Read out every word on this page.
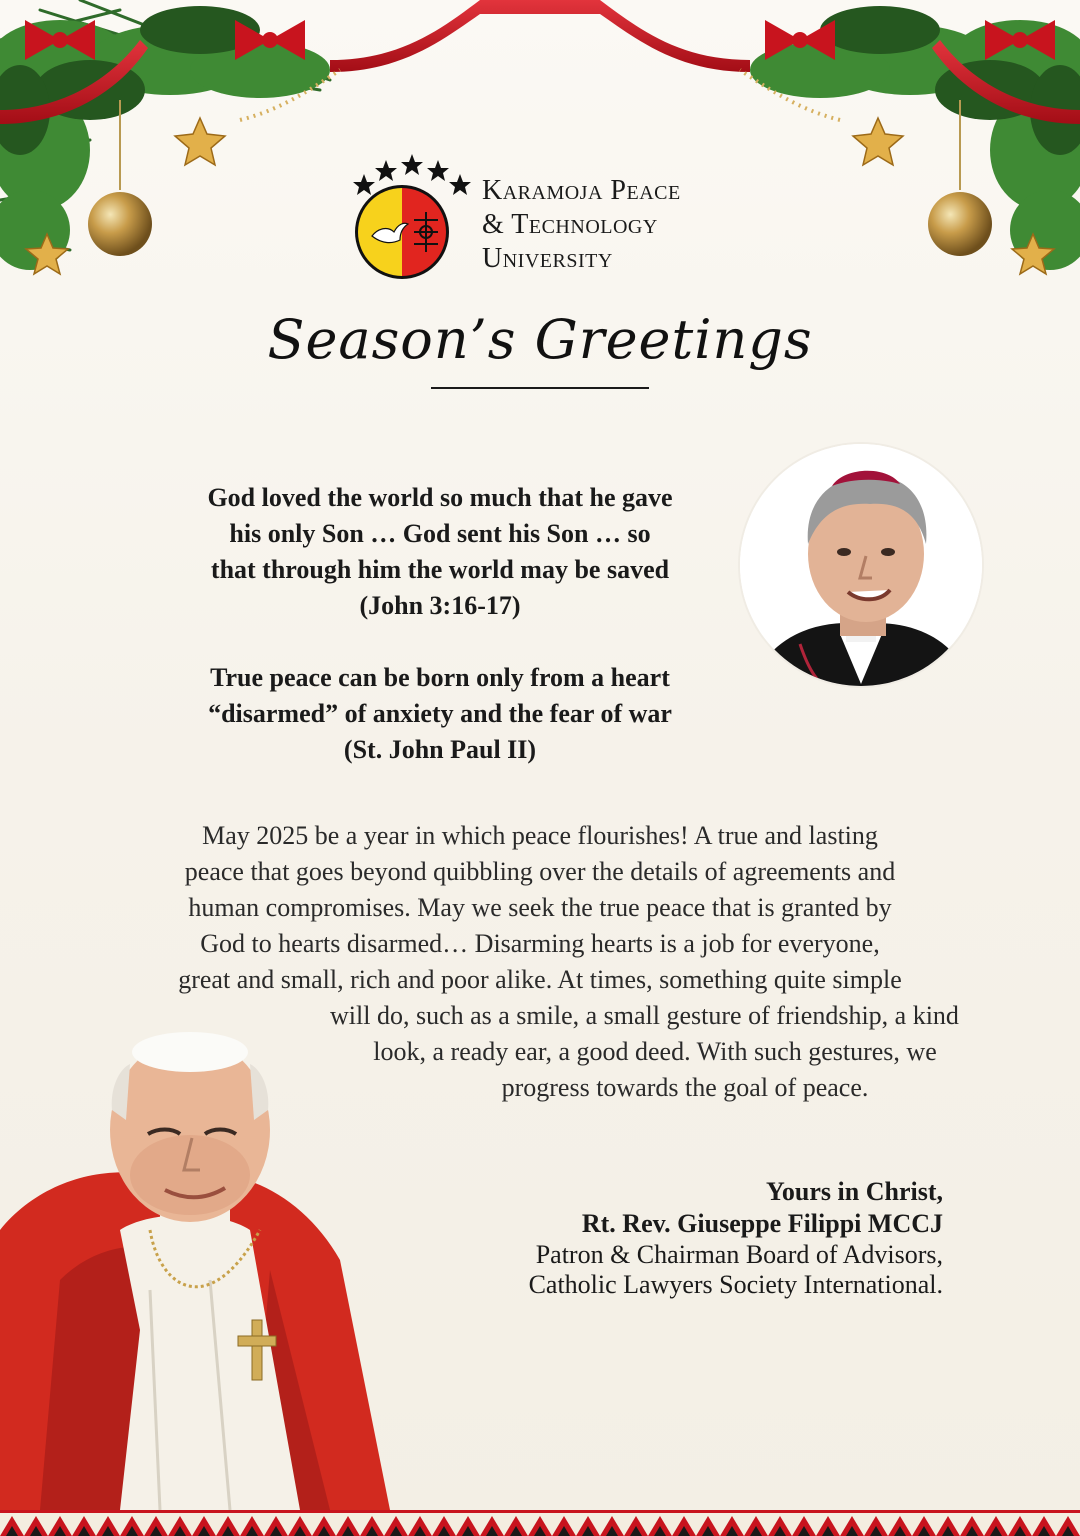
Karamoja Peace
& Technology
University
Season’s Greetings
God loved the world so much that he gave
his only Son … God sent his Son … so
that through him the world may be saved
(John 3:16-17)
True peace can be born only from a heart
“disarmed” of anxiety and the fear of war
(St. John Paul II)
May 2025 be a year in which peace flourishes! A true and lasting
peace that goes beyond quibbling over the details of agreements and
human compromises. May we seek the true peace that is granted by
God to hearts disarmed… Disarming hearts is a job for everyone,
great and small, rich and poor alike. At times, something quite simple
will do, such as a smile, a small gesture of friendship, a kind
look, a ready ear, a good deed. With such gestures, we
progress towards the goal of peace.
Yours in Christ,
Rt. Rev. Giuseppe Filippi MCCJ
Patron & Chairman Board of Advisors,
Catholic Lawyers Society International.
